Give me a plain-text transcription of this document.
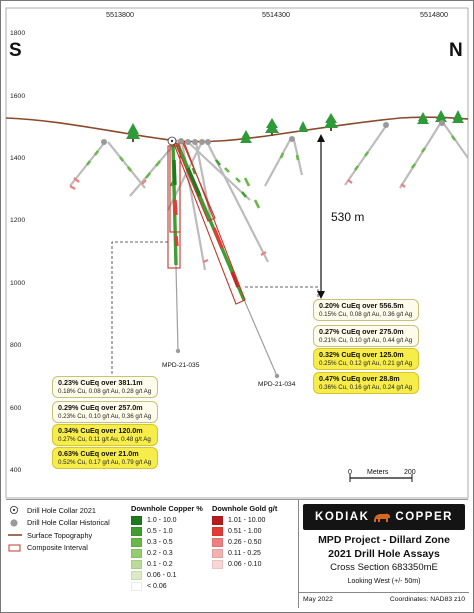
5513800	5514300	5514800
1800
1600
1400
1200
1000
800
600
400
S	N
MPD-21-035
MPD-21-034
530 m
0 Meters 200
0.20% CuEq over 556.5m
0.15% Cu, 0.08 g/t Au, 0.36 g/t Ag
0.27% CuEq over 275.0m
0.21% Cu, 0.10 g/t Au, 0.44 g/t Ag
0.32% CuEq over 125.0m
0.25% Cu, 0.12 g/t Au, 0.21 g/t Ag
0.47% CuEq over 28.8m
0.36% Cu, 0.16 g/t Au, 0.24 g/t Ag
0.23% CuEq over 381.1m
0.18% Cu, 0.08 g/t Au, 0.28 g/t Ag
0.29% CuEq over 257.0m
0.23% Cu, 0.10 g/t Au, 0.36 g/t Ag
0.34% CuEq over 120.0m
0.27% Cu, 0.11 g/t Au, 0.48 g/t Ag
0.63% CuEq over 21.0m
0.52% Cu, 0.17 g/t Au, 0.79 g/t Ag
Drill Hole Collar 2021
Drill Hole Collar Historical
Surface Topography
Composite Interval
Downhole Copper %
1.0 - 10.0
0.5 - 1.0
0.3 - 0.5
0.2 - 0.3
0.1 - 0.2
0.06 - 0.1
< 0.06
Downhole Gold g/t
1.01 - 10.00
0.51 - 1.00
0.26 - 0.50
0.11 - 0.25
0.06 - 0.10
KODIAK COPPER
MPD Project - Dillard Zone
2021 Drill Hole Assays
Cross Section 683350mE
Looking West (+/- 50m)
May 2022	Coordinates: NAD83 z10
